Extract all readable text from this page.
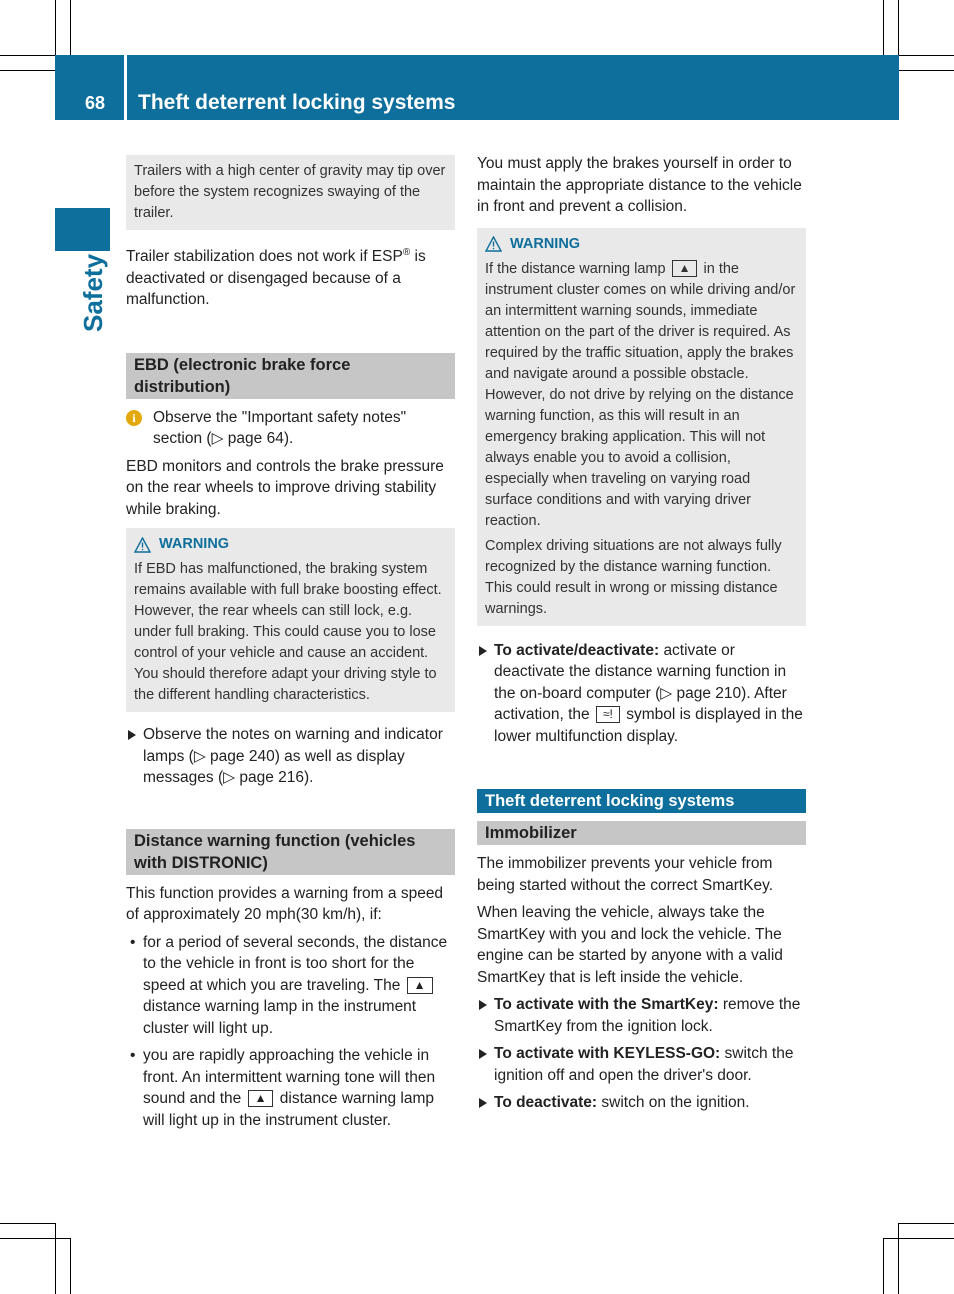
68 Theft deterrent locking systems
Safety

Trailers with a high center of gravity may tip over before the system recognizes swaying of the trailer.

Trailer stabilization does not work if ESP® is deactivated or disengaged because of a malfunction.

EBD (electronic brake force distribution)
i	Observe the "Important safety notes" section (▷ page 64).

EBD monitors and controls the brake pressure on the rear wheels to improve driving stability while braking.

WARNING

If EBD has malfunctioned, the braking system remains available with full brake boosting effect. However, the rear wheels can still lock, e.g. under full braking. This could cause you to lose control of your vehicle and cause an accident. You should therefore adapt your driving style to the different handling characteristics.

Observe the notes on warning and indicator lamps (▷ page 240) as well as display messages (▷ page 216).

Distance warning function (vehicles with DISTRONIC)

This function provides a warning from a speed of approximately 20 mph(30 km/h), if:

• for a period of several seconds, the distance to the vehicle in front is too short for the speed at which you are traveling. The ▲ distance warning lamp in the instrument cluster will light up.

• you are rapidly approaching the vehicle in front. An intermittent warning tone will then sound and the ▲ distance warning lamp will light up in the instrument cluster.

You must apply the brakes yourself in order to maintain the appropriate distance to the vehicle in front and prevent a collision.

WARNING

If the distance warning lamp ▲ in the instrument cluster comes on while driving and/or an intermittent warning sounds, immediate attention on the part of the driver is required. As required by the traffic situation, apply the brakes and navigate around a possible obstacle. However, do not drive by relying on the distance warning function, as this will result in an emergency braking application. This will not always enable you to avoid a collision, especially when traveling on varying road surface conditions and with varying driver reaction.

Complex driving situations are not always fully recognized by the distance warning function. This could result in wrong or missing distance warnings.

To activate/deactivate: activate or deactivate the distance warning function in the on-board computer (▷ page 210). After activation, the ≈! symbol is displayed in the lower multifunction display.

Theft deterrent locking systems
Immobilizer

The immobilizer prevents your vehicle from being started without the correct SmartKey.

When leaving the vehicle, always take the SmartKey with you and lock the vehicle. The engine can be started by anyone with a valid SmartKey that is left inside the vehicle.

To activate with the SmartKey: remove the SmartKey from the ignition lock.

To activate with KEYLESS-GO: switch the ignition off and open the driver's door.

To deactivate: switch on the ignition.
